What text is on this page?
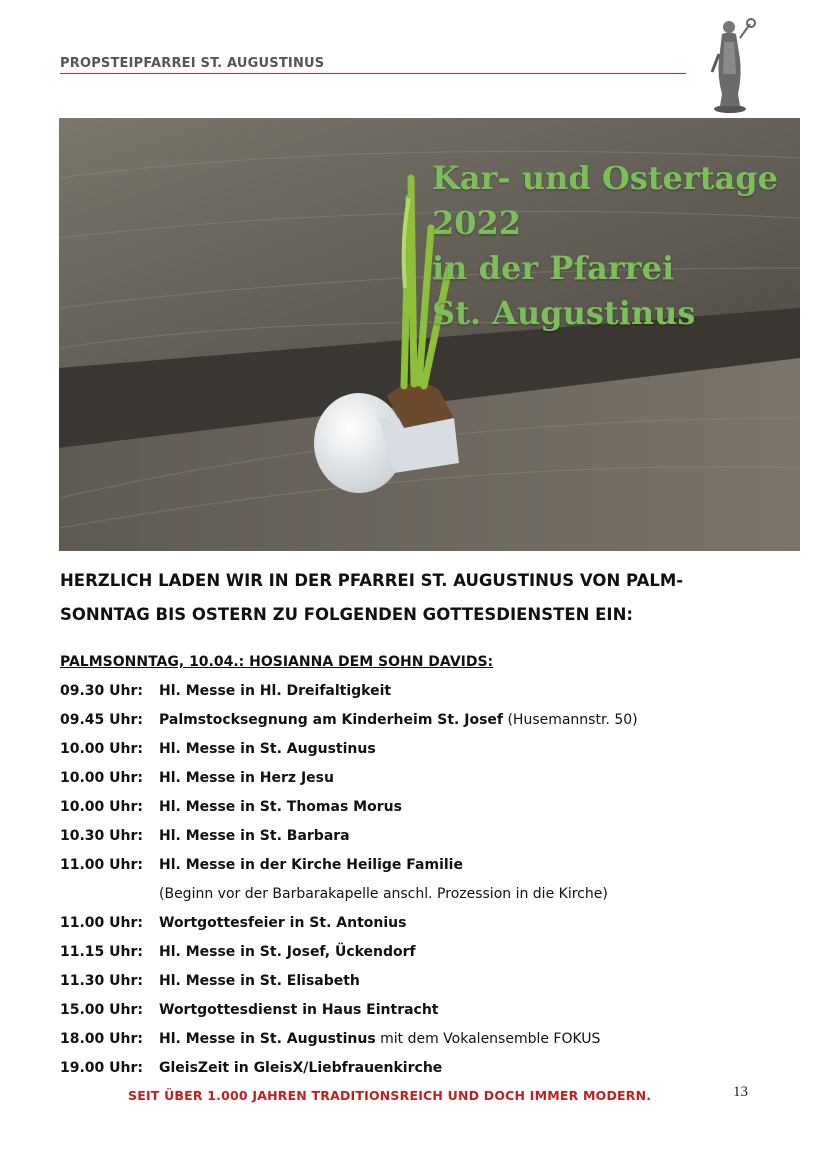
PROPSTEIPFARREI ST. AUGUSTINUS
Kar- und Ostertage
2022
in der Pfarrei
St. Augustinus
HERZLICH LADEN WIR IN DER PFARREI ST. AUGUSTINUS VON PALM-SONNTAG BIS OSTERN ZU FOLGENDEN GOTTESDIENSTEN EIN:
PALMSONNTAG, 10.04.: HOSIANNA DEM SOHN DAVIDS:
09.30 Uhr: Hl. Messe in Hl. Dreifaltigkeit
09.45 Uhr: Palmstocksegnung am Kinderheim St. Josef (Husemannstr. 50)
10.00 Uhr: Hl. Messe in St. Augustinus
10.00 Uhr: Hl. Messe in Herz Jesu
10.00 Uhr: Hl. Messe in St. Thomas Morus
10.30 Uhr: Hl. Messe in St. Barbara
11.00 Uhr: Hl. Messe in der Kirche Heilige Familie
(Beginn vor der Barbarakapelle anschl. Prozession in die Kirche)
11.00 Uhr: Wortgottesfeier in St. Antonius
11.15 Uhr: Hl. Messe in St. Josef, Ückendorf
11.30 Uhr: Hl. Messe in St. Elisabeth
15.00 Uhr: Wortgottesdienst in Haus Eintracht
18.00 Uhr: Hl. Messe in St. Augustinus mit dem Vokalensemble FOKUS
19.00 Uhr: GleisZeit in GleisX/Liebfrauenkirche
SEIT ÜBER 1.000 JAHREN TRADITIONSREICH UND DOCH IMMER MODERN.	13
